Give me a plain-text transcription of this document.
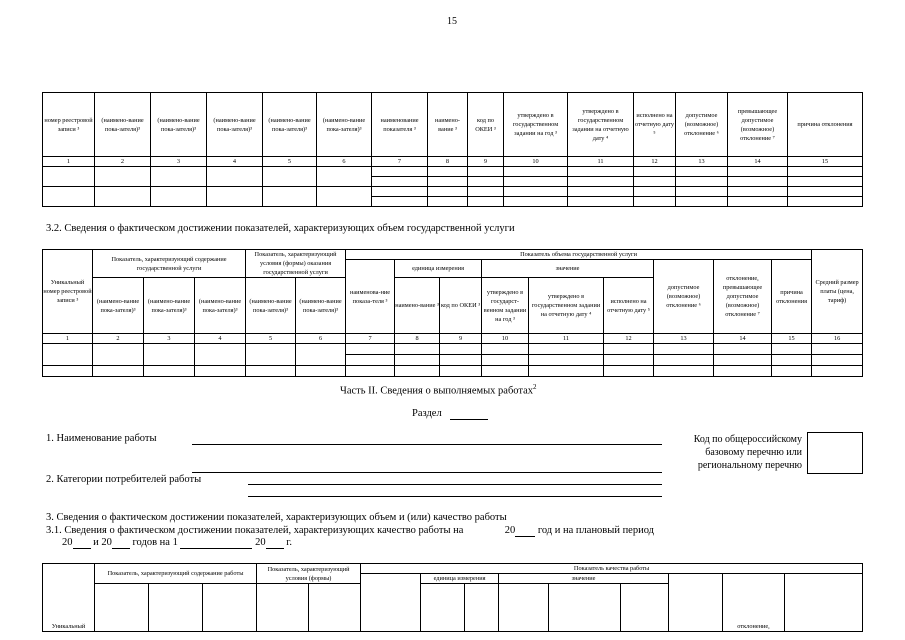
15
номер реестровой записи ³	(наимено-вание пока-зателя)³	(наимено-вание пока-зателя)³	(наимено-вание пока-зателя)³	(наимено-вание пока-зателя)³	(наимено-вание пока-зателя)³	наименование показателя ³	наимено-вание ³	код по ОКЕИ ³	утверждено в государственном задании на год ³	утверждено в государственном задании на отчетную дату ⁴	исполнено на отчетную дату ⁵	допустимое (возможное) отклонение ⁶	превышающее допустимое (возможное) отклонение ⁷	причина отклонения
1	2	3	4	5	6	7	8	9	10	11	12	13	14	15

3.2. Сведения о фактическом достижении показателей, характеризующих объем государственной услуги
Уникальный номер реестровой записи ³	Показатель, характеризующий содержание государственной услуги			Показатель, характеризующий условия (формы) оказания государственной услуги		Показатель объема государственной услуги									Средний размер платы (цена, тариф)
						наименова-ние показа-теля ³	единица измерения		значение			допустимое (возможное) отклонение ⁶	отклонение, превышающее допустимое (возможное) отклонение ⁷	причина отклонения	
	(наимено-вание пока-зателя)³	(наимено-вание пока-зателя)³	(наимено-вание пока-зателя)³	(наимено-вание пока-зателя)³	(наимено-вание пока-зателя)³		наимено-вание ³	код по ОКЕИ ³	утверждено в государст-венном задании на год ³	утверждено в государственном задании на отчетную дату ⁴	исполнено на отчетную дату ⁵				

1	2	3	4	5	6	7	8	9	10	11	12	13	14	15	16

Часть II. Сведения о выполняемых работах$^2$
Раздел
1. Наименование работы	Код по общероссийскому базовому перечню или региональному перечню
2. Категории потребителей работы
3. Сведения о фактическом достижении показателей, характеризующих объем и (или) качество работы
3.1. Сведения о фактическом достижении показателей, характеризующих качество работы на	20 год и на плановый период
20 и 20 годов на 1	20 г.
Уникальный	Показатель, характеризующий содержание работы			Показатель, характеризующий условия (формы)		Показатель качества работы								
							единица измерения		значение				отклонение,	
